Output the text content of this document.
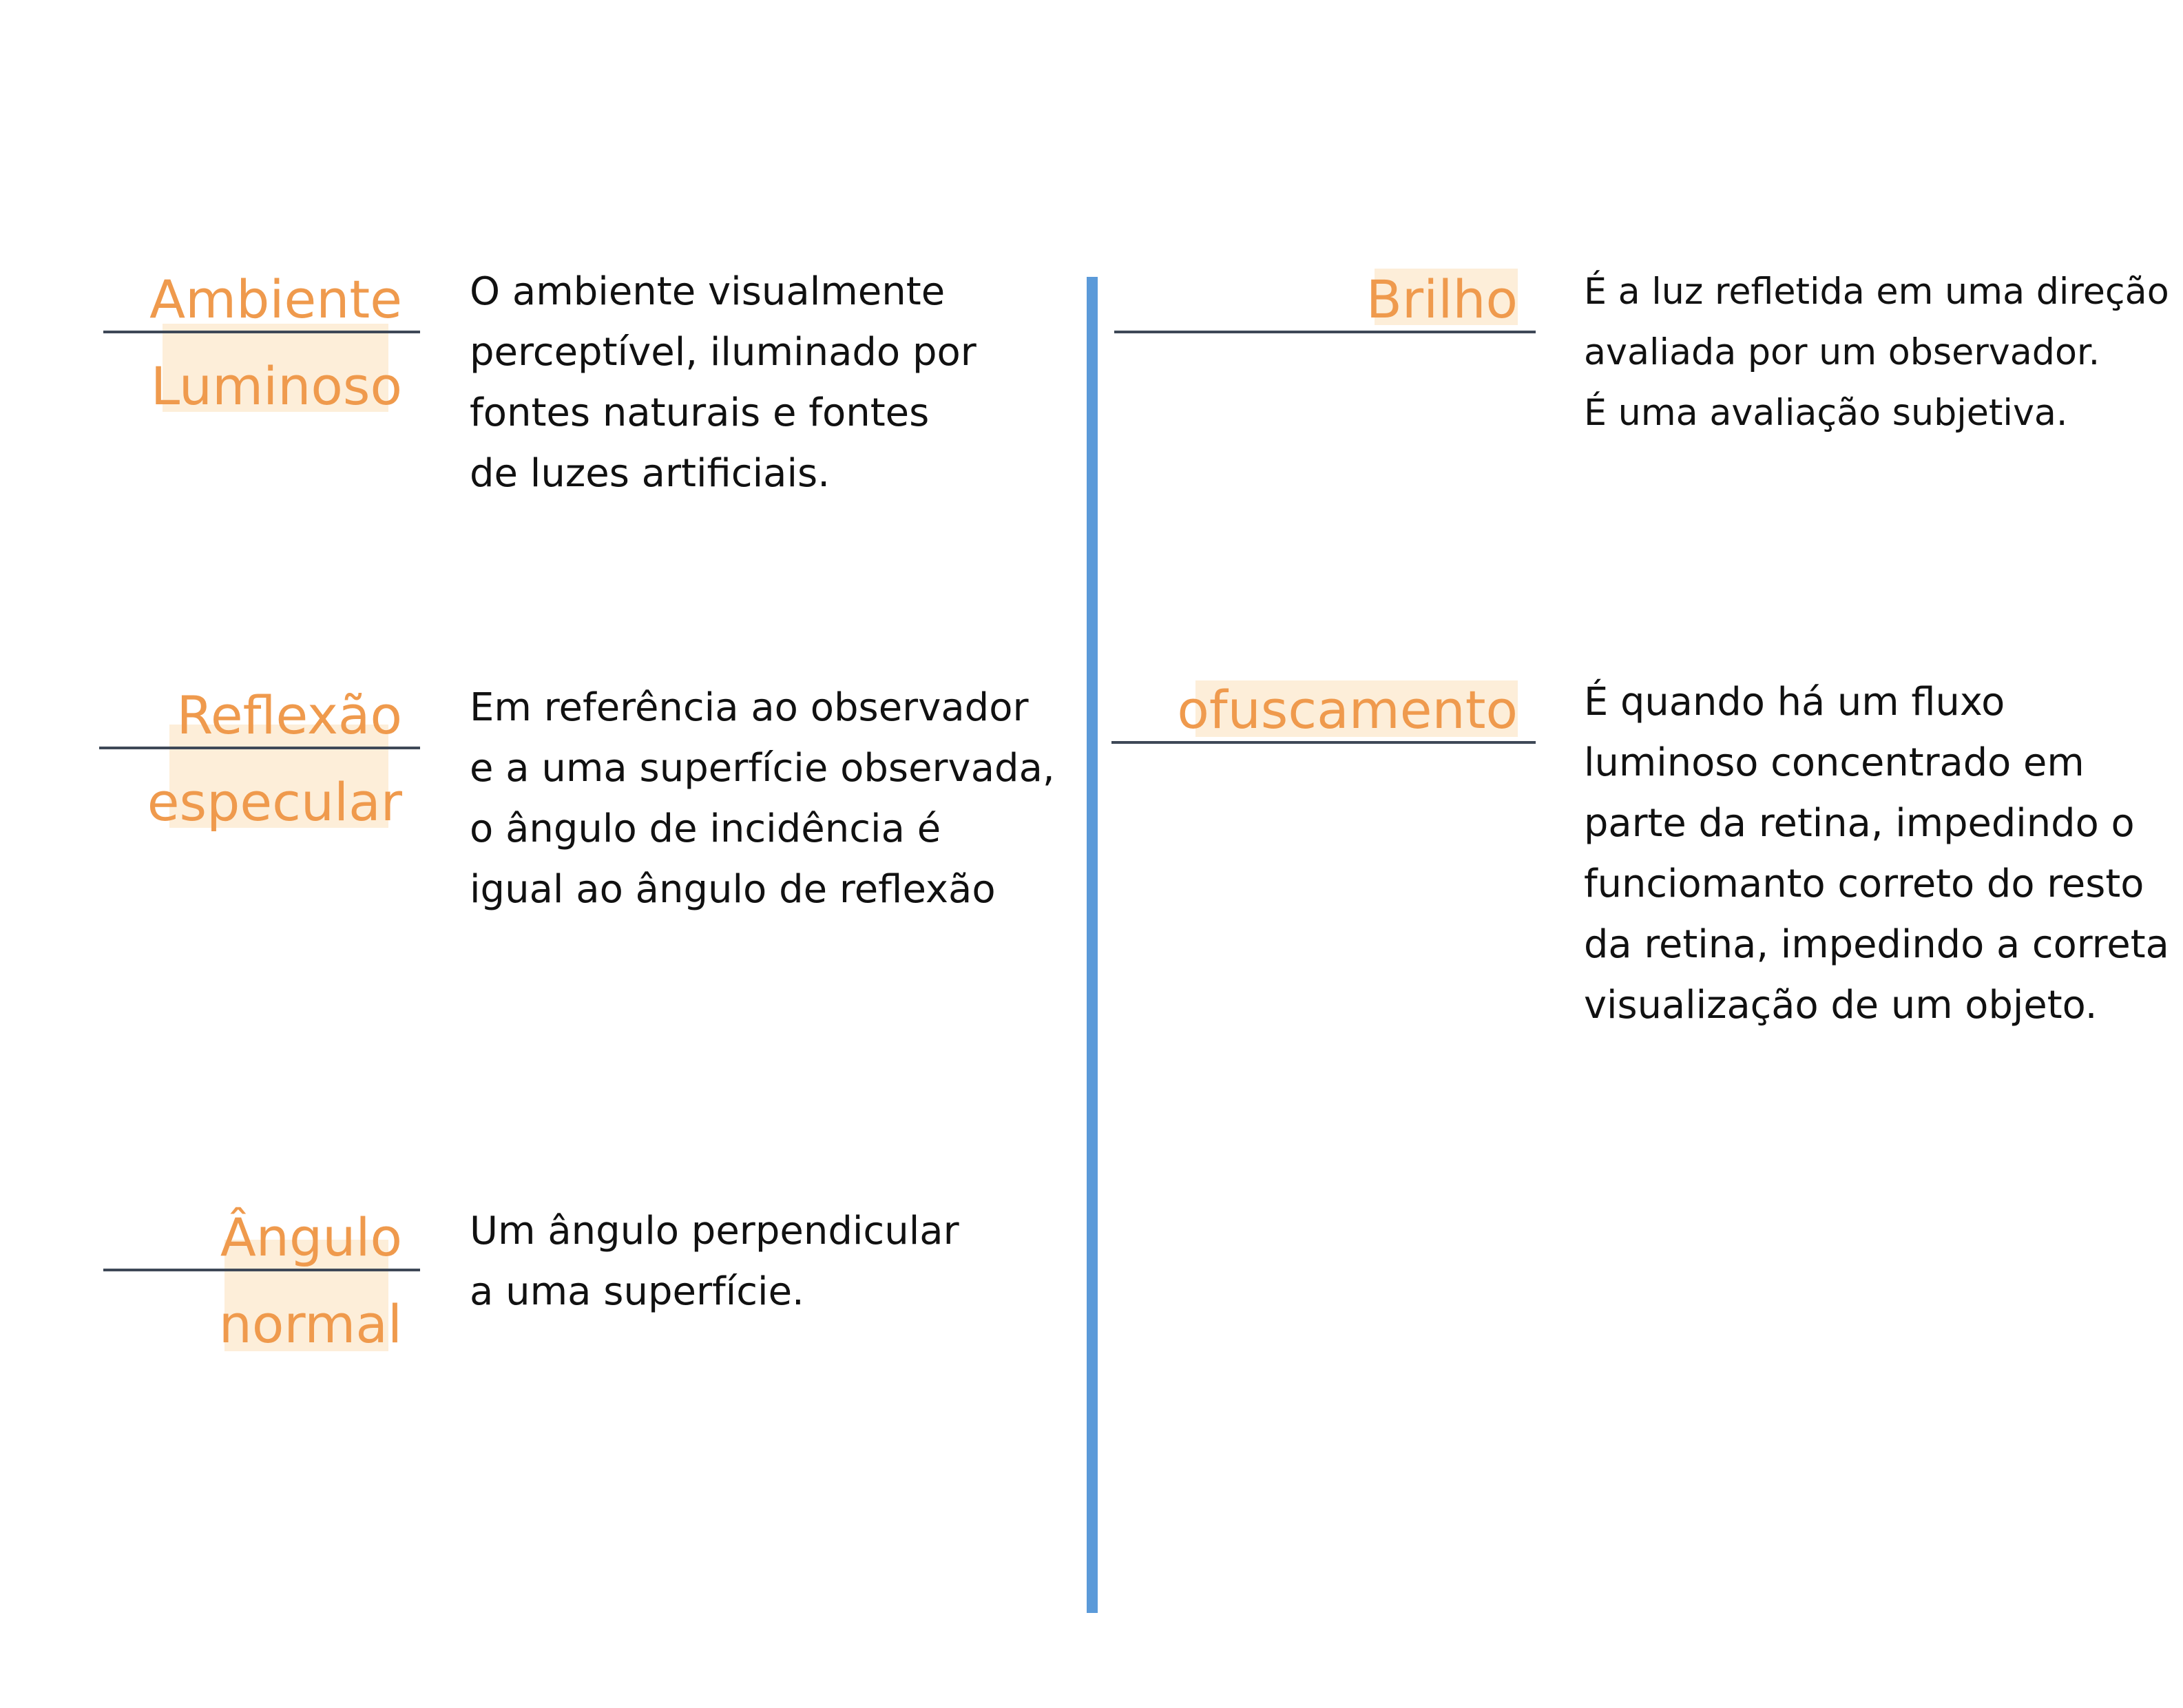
Ambiente
Luminoso
O ambiente visualmente
perceptível, iluminado por
fontes naturais e fontes
de luzes artificiais.
Reflexão
especular
Em referência ao observador
e a uma superfície observada,
o ângulo de incidência é
igual ao ângulo de reflexão
Ângulo
normal
Um ângulo perpendicular
a uma superfície.
Brilho É a luz refletida em uma direção
avaliada por um observador.
É uma avaliação subjetiva.
ofuscamento É quando há um fluxo
luminoso concentrado em
parte da retina, impedindo o
funciomanto correto do resto
da retina, impedindo a correta
visualização de um objeto.
